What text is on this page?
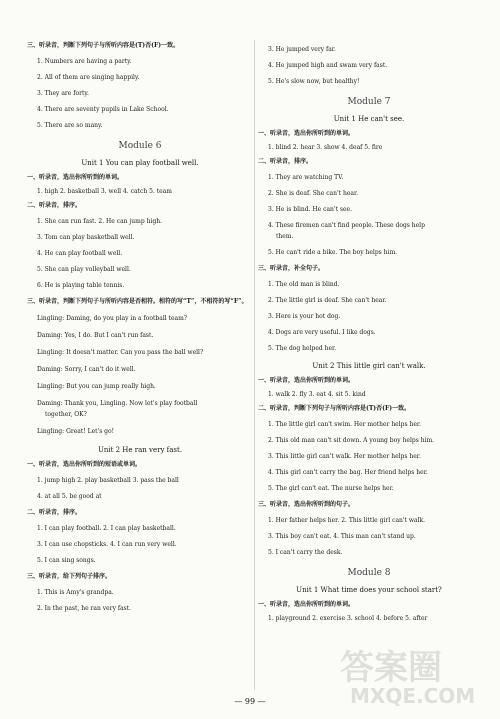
三、听录音，判断下列句子与所听内容是(T)否(F)一致。
1. Numbers are having a party.
2. All of them are singing happily.
3. They are forty.
4. There are seventy pupils in Lake School.
5. There are so many.
Module 6
Unit 1 You can play football well.
一、听录音，选出你所听到的单词。
1. high 2. basketball 3. well 4. catch 5. team
二、听录音，排序。
1. She can run fast. 2. He can jump high.
3. Tom can play basketball well.
4. He can play football well.
5. She can play volleyball well.
6. He is playing table tennis.
三、听录音，判断下列句子与所听内容是否相符。相符的写“T”，不相符的写“F”。
Lingling: Daming, do you play in a football team?
Daming: Yes, I do. But I can't run fast.
Lingling: It doesn't matter. Can you pass the ball well?
Daming: Sorry, I can't do it well.
Lingling: But you can jump really high.
Daming: Thank you, Lingling. Now let's play football
together, OK?
Lingling: Great! Let's go!
Unit 2 He ran very fast.
一、听录音，选出你所听到的短语或单词。
1. jump high 2. play basketball 3. pass the ball
4. at all 5. be good at
二、听录音，排序。
1. I can play football. 2. I can play basketball.
3. I can use chopsticks. 4. I can run very well.
5. I can sing songs.
三、听录音，给下列句子排序。
1. This is Amy's grandpa.
2. In the past, he ran very fast.
3. He jumped very far.
4. He jumped high and swam very fast.
5. He's slow now, but healthy!
Module 7
Unit 1 He can't see.
一、听录音，选出你所听到的单词。
1. blind 2. hear 3. show 4. deaf 5. fire
二、听录音，排序。
1. They are watching TV.
2. She is deaf. She can't hear.
3. He is blind. He can't see.
4. These firemen can't find people. These dogs help
them.
5. He can't ride a bike. The boy helps him.
三、听录音，补全句子。
1. The old man is blind.
2. The little girl is deaf. She can't hear.
3. Here is your hot dog.
4. Dogs are very useful. I like dogs.
5. The dog helped her.
Unit 2 This little girl can't walk.
一、听录音，选出你所听到的单词。
1. walk 2. fly 3. eat 4. sit 5. kind
二、听录音，判断下列句子与所听内容是(T)否(F)一致。
1. The little girl can't swim. Her mother helps her.
2. This old man can't sit down. A young boy helps him.
3. This little girl can't walk. Her mother helps her.
4. This girl can't carry the bag. Her friend helps her.
5. The girl can't eat. The nurse helps her.
三、听录音，选出你所听到的句子。
1. Her father helps her. 2. This little girl can't walk.
3. This boy can't eat. 4. This man can't stand up.
5. I can't carry the desk.
Module 8
Unit 1 What time does your school start?
一、听录音，选出你所听到的单词。
1. playground 2. exercise 3. school 4. before 5. after
— 99 —
答案圈
MXQE.COM
